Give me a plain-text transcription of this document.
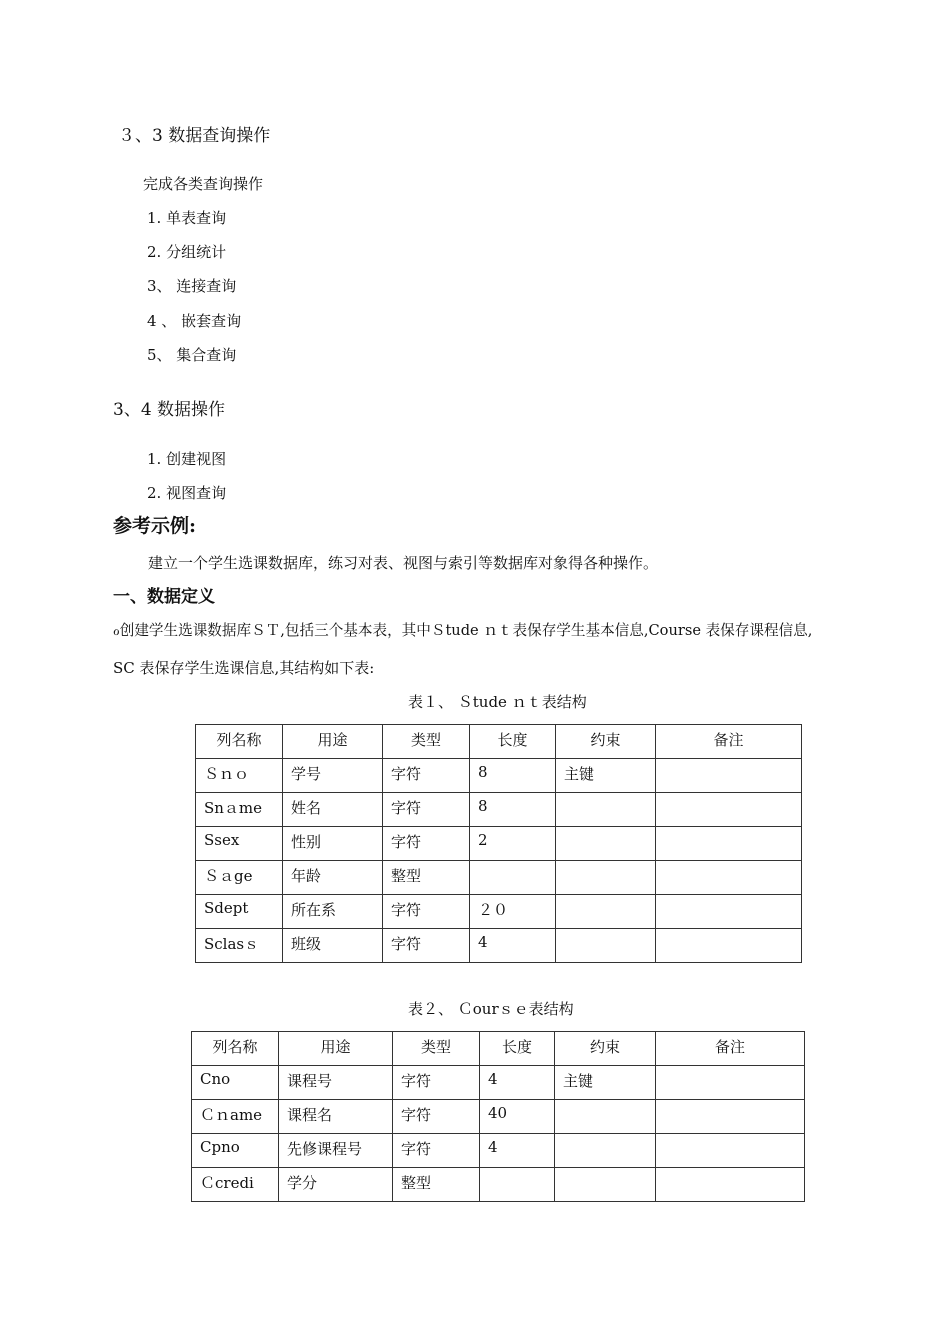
３、3 数据查询操作
完成各类查询操作
1. 单表查询
2. 分组统计
3、 连接查询
4 、 嵌套查询
5、 集合查询
3、4 数据操作
1. 创建视图
2. 视图查询
参考示例:
建立一个学生选课数据库，练习对表、视图与索引等数据库对象得各种操作。
一、数据定义
ℴ创建学生选课数据库ＳＴ,包括三个基本表，其中Ｓtude ｎｔ表保存学生基本信息,Course 表保存课程信息,
SC 表保存学生选课信息,其结构如下表:
表１、 Ｓtude ｎｔ表结构
列名称	用途	类型	长度	约束	备注
Ｓｎｏ	学号	字符	8	主键	
Snａme	姓名	字符	8		
Ssex	性别	字符	2		
Ｓａge	年龄	整型			
Sdept	所在系	字符	２０		
Sclasｓ	班级	字符	4		
表２、 Ｃourｓｅ表结构
列名称	用途	类型	长度	约束	备注
Cno	课程号	字符	4	主键	
Ｃｎame	课程名	字符	40		
Cpno	先修课程号	字符	4		
Ｃcredi	学分	整型			
